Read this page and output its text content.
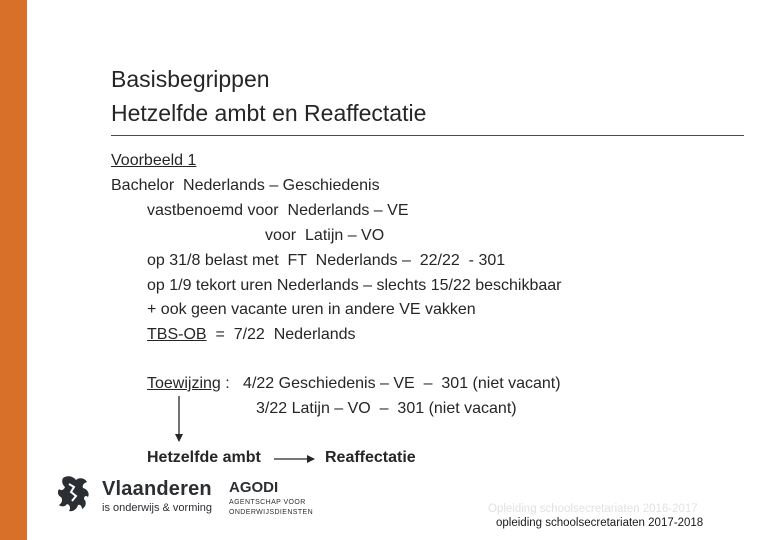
Basisbegrippen
Hetzelfde ambt en Reaffectatie
Voorbeeld 1
Bachelor  Nederlands – Geschiedenis
vastbenoemd voor  Nederlands – VE
voor  Latijn – VO
op 31/8 belast met  FT  Nederlands –  22/22  - 301
op 1/9 tekort uren Nederlands – slechts 15/22 beschikbaar
+ ook geen vacante uren in andere VE vakken
TBS-OB  =  7/22  Nederlands
Toewijzing :   4/22 Geschiedenis – VE  –  301 (niet vacant)
3/22 Latijn – VO  –  301 (niet vacant)
Hetzelfde ambt	Reaffectatie
Vlaanderen
is onderwijs & vorming
AGODI
AGENTSCHAP VOOR
ONDERWIJSDIENSTEN	Opleiding schoolsecretariaten 2016-2017
opleiding schoolsecretariaten 2017-2018
